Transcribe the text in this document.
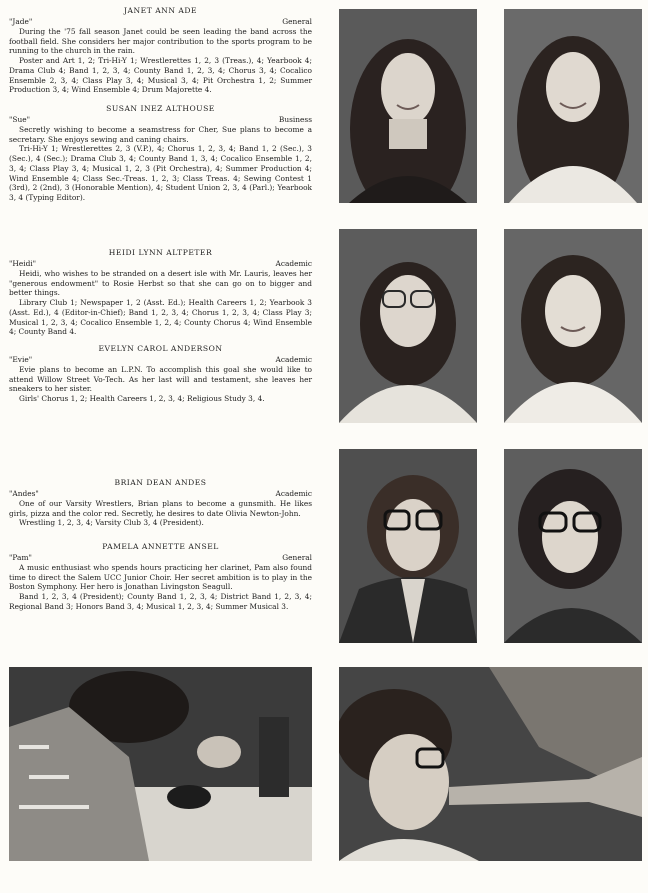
JANET ANN ADE
"Jade"	General

During the '75 fall season Janet could be seen leading the band across the football field. She considers her major contribution to the sports program to be running to the church in the rain.

Poster and Art 1, 2; Tri-Hi-Y 1; Wrestlerettes 1, 2, 3 (Treas.), 4; Yearbook 4; Drama Club 4; Band 1, 2, 3, 4; County Band 1, 2, 3, 4; Chorus 3, 4; Cocalico Ensemble 2, 3, 4; Class Play 3, 4; Musical 3, 4; Pit Orchestra 1, 2; Summer Production 3, 4; Wind Ensemble 4; Drum Majorette 4.

SUSAN INEZ ALTHOUSE
"Sue"	Business

Secretly wishing to become a seamstress for Cher, Sue plans to become a secretary. She enjoys sewing and caning chairs.

Tri-Hi-Y 1; Wrestlerettes 2, 3 (V.P.), 4; Chorus 1, 2, 3, 4; Band 1, 2 (Sec.), 3 (Sec.), 4 (Sec.); Drama Club 3, 4; County Band 1, 3, 4; Cocalico Ensemble 1, 2, 3, 4; Class Play 3, 4; Musical 1, 2, 3 (Pit Orchestra), 4; Summer Production 4; Wind Ensemble 4; Class Sec.-Treas. 1, 2, 3; Class Treas. 4; Sewing Contest 1 (3rd), 2 (2nd), 3 (Honorable Mention), 4; Student Union 2, 3, 4 (Parl.); Yearbook 3, 4 (Typing Editor).

HEIDI LYNN ALTPETER
"Heidi"	Academic

Heidi, who wishes to be stranded on a desert isle with Mr. Lauris, leaves her "generous endowment" to Rosie Herbst so that she can go on to bigger and better things.

Library Club 1; Newspaper 1, 2 (Asst. Ed.); Health Careers 1, 2; Yearbook 3 (Asst. Ed.), 4 (Editor-in-Chief); Band 1, 2, 3, 4; Chorus 1, 2, 3, 4; Class Play 3; Musical 1, 2, 3, 4; Cocalico Ensemble 1, 2, 4; County Chorus 4; Wind Ensemble 4; County Band 4.

EVELYN CAROL ANDERSON
"Evie"	Academic

Evie plans to become an L.P.N. To accomplish this goal she would like to attend Willow Street Vo-Tech. As her last will and testament, she leaves her sneakers to her sister.

Girls' Chorus 1, 2; Health Careers 1, 2, 3, 4; Religious Study 3, 4.

BRIAN DEAN ANDES
"Andes"	Academic

One of our Varsity Wrestlers, Brian plans to become a gunsmith. He likes girls, pizza and the color red. Secretly, he desires to date Olivia Newton-John.

Wrestling 1, 2, 3, 4; Varsity Club 3, 4 (President).

PAMELA ANNETTE ANSEL
"Pam"	General

A music enthusiast who spends hours practicing her clarinet, Pam also found time to direct the Salem UCC Junior Choir. Her secret ambition is to play in the Boston Symphony. Her hero is Jonathan Livingston Seagull.

Band 1, 2, 3, 4 (President); County Band 1, 2, 3, 4; District Band 1, 2, 3, 4; Regional Band 3; Honors Band 3, 4; Musical 1, 2, 3, 4; Summer Musical 3.
